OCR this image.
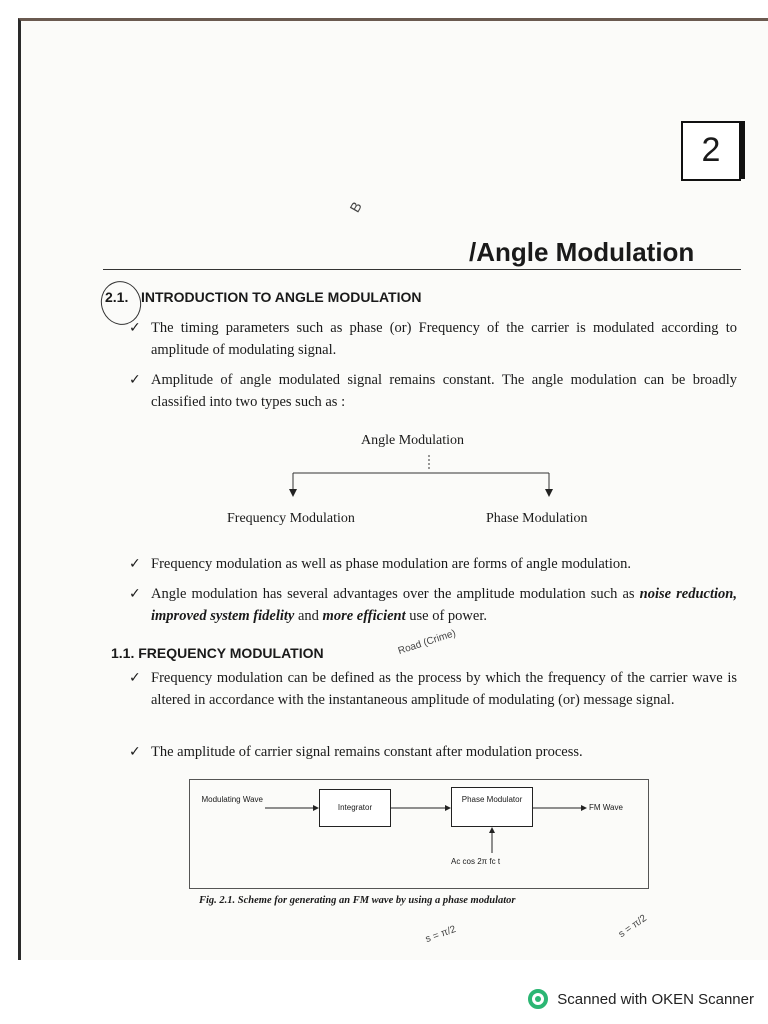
2
B
/Angle Modulation
2.1. INTRODUCTION TO ANGLE MODULATION
✓ The timing parameters such as phase (or) Frequency of the carrier is modulated according to amplitude of modulating signal.
✓ Amplitude of angle modulated signal remains constant. The angle modulation can be broadly classified into two types such as :
Angle Modulation
Frequency Modulation	Phase Modulation
✓ Frequency modulation as well as phase modulation are forms of angle modulation.
✓ Angle modulation has several advantages over the amplitude modulation such as noise reduction, improved system fidelity and more efficient use of power.
1.1. FREQUENCY MODULATION	Road (Crime)
✓ Frequency modulation can be defined as the process by which the frequency of the carrier wave is altered in accordance with the instantaneous amplitude of modulating (or) message signal.
✓ The amplitude of carrier signal remains constant after modulation process.
Modulating Wave
Integrator
Phase Modulator
FM Wave
Ac cos 2π fc t
Fig. 2.1. Scheme for generating an FM wave by using a phase modulator
s = π/2	s = π/2
Scanned with OKEN Scanner
